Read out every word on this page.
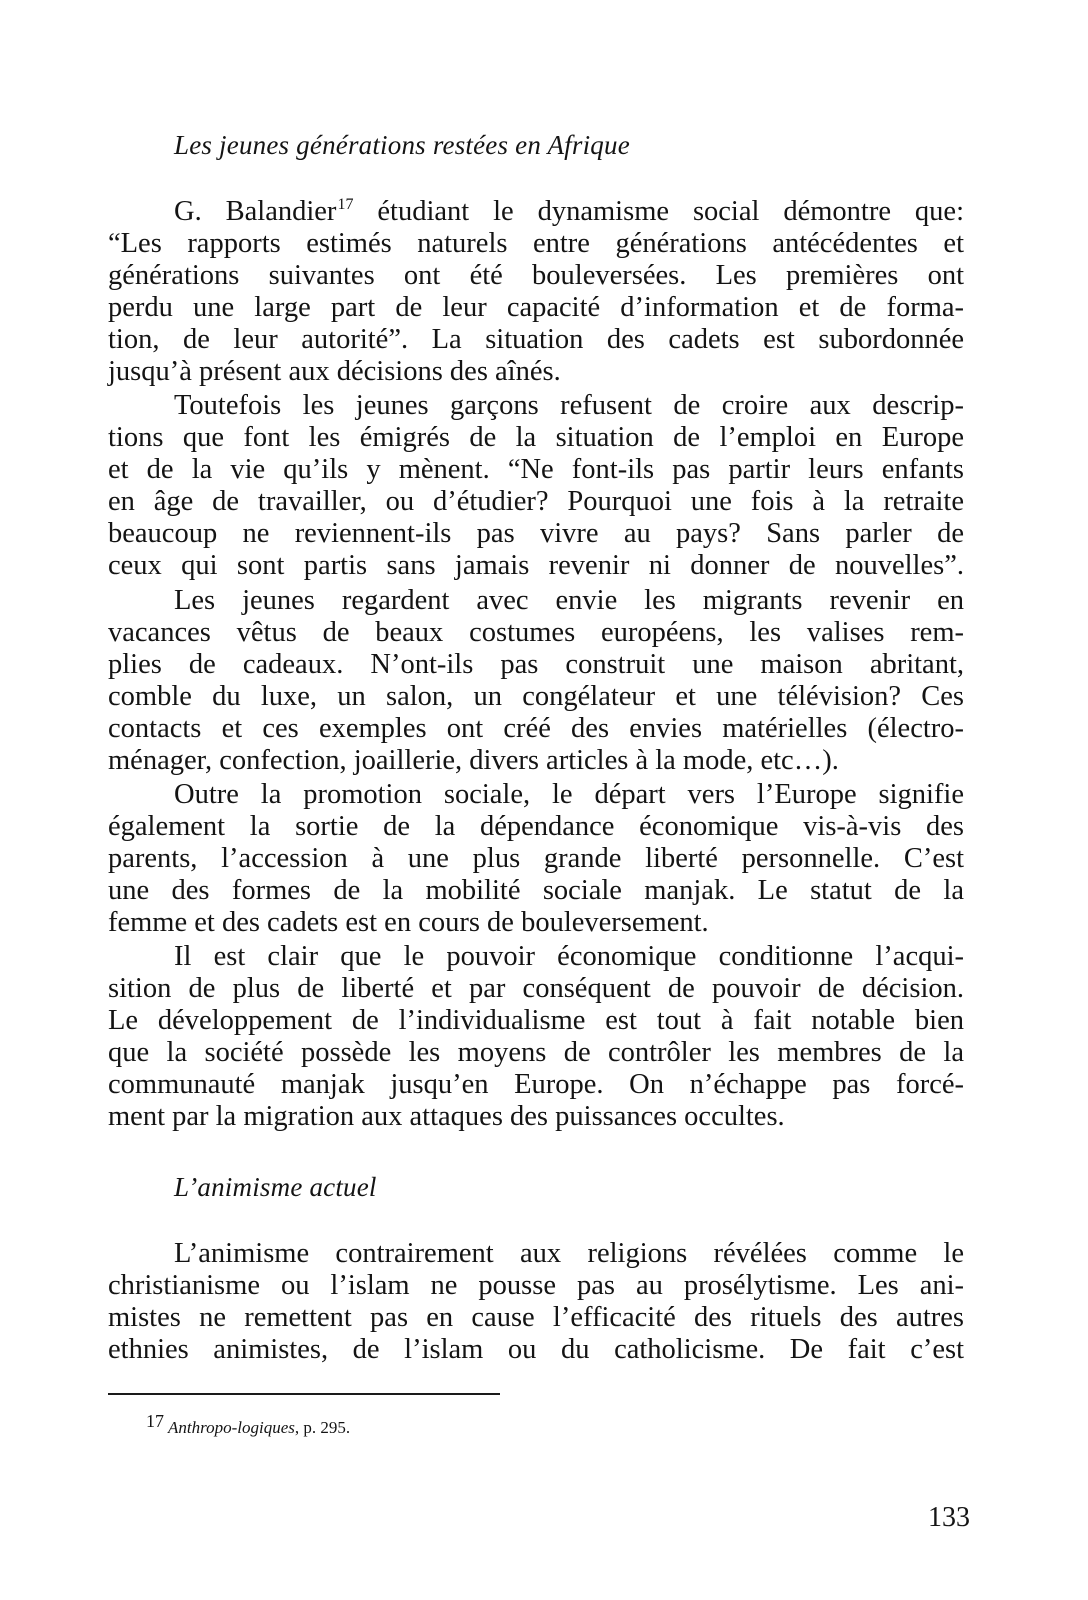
Les jeunes générations restées en Afrique
G. Balandier$^{17}$ étudiant le dynamisme social démontre que:
“Les rapports estimés naturels entre générations antécédentes et
générations suivantes ont été bouleversées. Les premières ont
perdu une large part de leur capacité d’information et de forma-
tion, de leur autorité”. La situation des cadets est subordonnée
jusqu’à présent aux décisions des aînés.
Toutefois les jeunes garçons refusent de croire aux descrip-
tions que font les émigrés de la situation de l’emploi en Europe
et de la vie qu’ils y mènent. “Ne font-ils pas partir leurs enfants
en âge de travailler, ou d’étudier? Pourquoi une fois à la retraite
beaucoup ne reviennent-ils pas vivre au pays? Sans parler de
ceux qui sont partis sans jamais revenir ni donner de nouvelles”.
Les jeunes regardent avec envie les migrants revenir en
vacances vêtus de beaux costumes européens, les valises rem-
plies de cadeaux. N’ont-ils pas construit une maison abritant,
comble du luxe, un salon, un congélateur et une télévision? Ces
contacts et ces exemples ont créé des envies matérielles (électro-
ménager, confection, joaillerie, divers articles à la mode, etc…).
Outre la promotion sociale, le départ vers l’Europe signifie
également la sortie de la dépendance économique vis-à-vis des
parents, l’accession à une plus grande liberté personnelle. C’est
une des formes de la mobilité sociale manjak. Le statut de la
femme et des cadets est en cours de bouleversement.
Il est clair que le pouvoir économique conditionne l’acqui-
sition de plus de liberté et par conséquent de pouvoir de décision.
Le développement de l’individualisme est tout à fait notable bien
que la société possède les moyens de contrôler les membres de la
communauté manjak jusqu’en Europe. On n’échappe pas forcé-
ment par la migration aux attaques des puissances occultes.
L’animisme actuel
L’animisme contrairement aux religions révélées comme le
christianisme ou l’islam ne pousse pas au prosélytisme. Les ani-
mistes ne remettent pas en cause l’efficacité des rituels des autres
ethnies animistes, de l’islam ou du catholicisme. De fait c’est
17 Anthropo-logiques, p. 295.
133
